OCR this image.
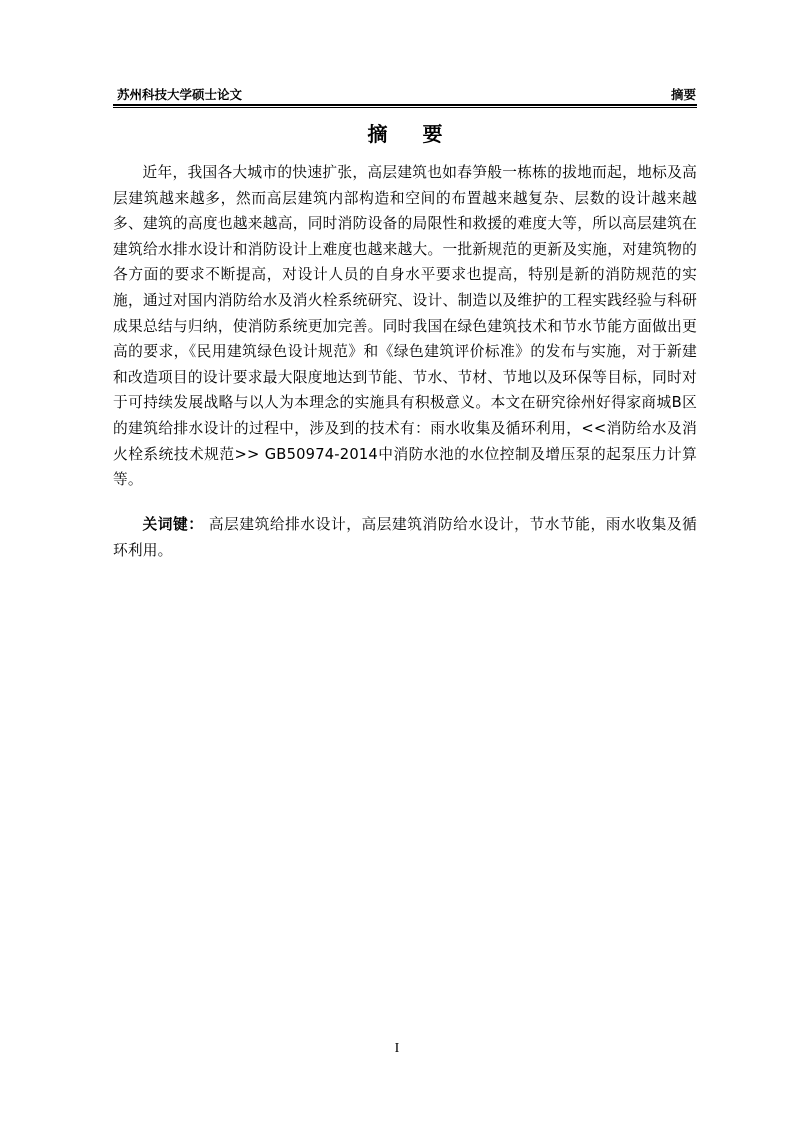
苏州科技大学硕士论文	摘要
摘 要

近年，我国各大城市的快速扩张，高层建筑也如春笋般一栋栋的拔地而起，地标及高层建筑越来越多，然而高层建筑内部构造和空间的布置越来越复杂、层数的设计越来越多、建筑的高度也越来越高，同时消防设备的局限性和救援的难度大等，所以高层建筑在建筑给水排水设计和消防设计上难度也越来越大。一批新规范的更新及实施，对建筑物的各方面的要求不断提高，对设计人员的自身水平要求也提高，特别是新的消防规范的实施，通过对国内消防给水及消火栓系统研究、设计、制造以及维护的工程实践经验与科研成果总结与归纳，使消防系统更加完善。同时我国在绿色建筑技术和节水节能方面做出更高的要求，《民用建筑绿色设计规范》和《绿色建筑评价标准》的发布与实施，对于新建和改造项目的设计要求最大限度地达到节能、节水、节材、节地以及环保等目标，同时对于可持续发展战略与以人为本理念的实施具有积极意义。本文在研究徐州好得家商城B区的建筑给排水设计的过程中，涉及到的技术有：雨水收集及循环利用，<<消防给水及消火栓系统技术规范>> GB50974-2014中消防水池的水位控制及增压泵的起泵压力计算等。

关词键： 高层建筑给排水设计，高层建筑消防给水设计，节水节能，雨水收集及循环利用。

I
